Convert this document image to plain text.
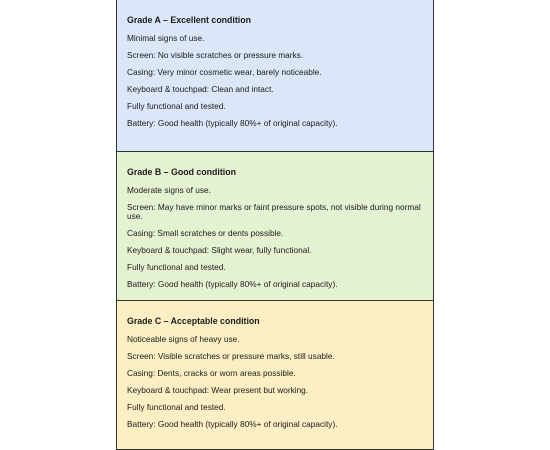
Grade A – Excellent condition
Minimal signs of use.
Screen: No visible scratches or pressure marks.
Casing: Very minor cosmetic wear, barely noticeable.
Keyboard & touchpad: Clean and intact.
Fully functional and tested.
Battery: Good health (typically 80%+ of original capacity).
Grade B – Good condition
Moderate signs of use.
Screen: May have minor marks or faint pressure spots, not visible during normal use.
Casing: Small scratches or dents possible.
Keyboard & touchpad: Slight wear, fully functional.
Fully functional and tested.
Battery: Good health (typically 80%+ of original capacity).
Grade C – Acceptable condition
Noticeable signs of heavy use.
Screen: Visible scratches or pressure marks, still usable.
Casing: Dents, cracks or worn areas possible.
Keyboard & touchpad: Wear present but working.
Fully functional and tested.
Battery: Good health (typically 80%+ of original capacity).
